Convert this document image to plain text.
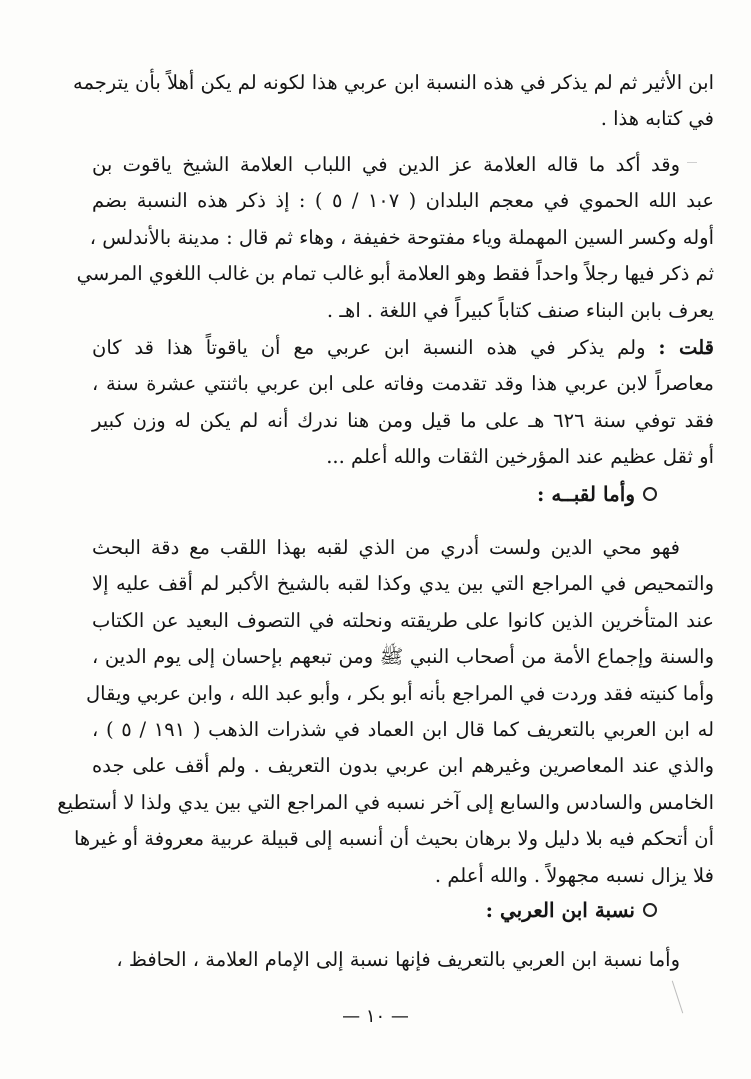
ابن الأثير ثم لم يذكر في هذه النسبة ابن عربي هذا لكونه لم يكن أهلاً بأن يترجمه
في كتابه هذا .
وقد أكد ما قاله العلامة عز الدين في اللباب العلامة الشيخ ياقوت بن
عبد الله الحموي في معجم البلدان ( ١٠٧ / ٥ ) : إذ ذكر هذه النسبة بضم
أوله وكسر السين المهملة وياء مفتوحة خفيفة ، وهاء ثم قال : مدينة بالأندلس ،
ثم ذكر فيها رجلاً واحداً فقط وهو العلامة أبو غالب تمام بن غالب اللغوي المرسي
يعرف بابن البناء صنف كتاباً كبيراً في اللغة . اهـ .
قلت : ولم يذكر في هذه النسبة ابن عربي مع أن ياقوتاً هذا قد كان
معاصراً لابن عربي هذا وقد تقدمت وفاته على ابن عربي باثنتي عشرة سنة ،
فقد توفي سنة ٦٢٦ هـ على ما قيل ومن هنا ندرك أنه لم يكن له وزن كبير
أو ثقل عظيم عند المؤرخين الثقات والله أعلم ...
وأما لقبــه :
فهو محي الدين ولست أدري من الذي لقبه بهذا اللقب مع دقة البحث
والتمحيص في المراجع التي بين يدي وكذا لقبه بالشيخ الأكبر لم أقف عليه إلا
عند المتأخرين الذين كانوا على طريقته ونحلته في التصوف البعيد عن الكتاب
والسنة وإجماع الأمة من أصحاب النبي ﷺ ومن تبعهم بإحسان إلى يوم الدين ،
وأما كنيته فقد وردت في المراجع بأنه أبو بكر ، وأبو عبد الله ، وابن عربي ويقال
له ابن العربي بالتعريف كما قال ابن العماد في شذرات الذهب ( ١٩١ / ٥ ) ،
والذي عند المعاصرين وغيرهم ابن عربي بدون التعريف . ولم أقف على جده
الخامس والسادس والسابع إلى آخر نسبه في المراجع التي بين يدي ولذا لا أستطيع
أن أتحكم فيه بلا دليل ولا برهان بحيث أن أنسبه إلى قبيلة عربية معروفة أو غيرها
فلا يزال نسبه مجهولاً . والله أعلم .
نسبة ابن العربي :
وأما نسبة ابن العربي بالتعريف فإنها نسبة إلى الإمام العلامة ، الحافظ ،
— ١٠ —
